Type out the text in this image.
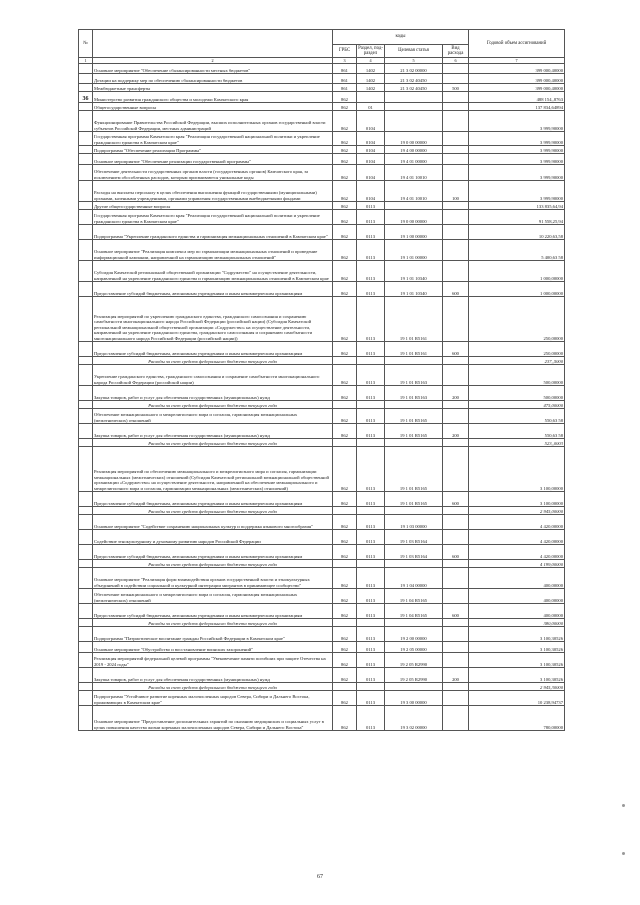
№		коды				Годовой объем ассигнований
		ГРБС	Раздел, под-раздел	Целевая статья	Вид расхода	
1	2	3	4	5	6	7
	Основное мероприятие "Обеспечение сбалансированности местных бюджетов"	861	1402	21 3 02 00000		399 000,40000
	Дотации на поддержку мер по обеспечению сбалансированности бюджетов	861	1402	21 3 02 40450		399 000,40000
	Межбюджетные трансферты	861	1402	21 3 02 40450	500	399 000,40000
36	Министерство развития гражданского общества и молодежи Камчатского края	862				488 154,,8763
	Общегосударственные вопросы	862	01			137 834,64894
	Функционирование Правительства Российской Федерации, высших исполнительных органов государственной власти субъектов Российской Федерации, местных администраций	862	0104			3 999,90000
	Государственная программа Камчатского края "Реализация государственной национальной политики и укрепление гражданского единства в Камчатском крае"	862	0104	19 0 00 00000		3 999,90000
	Подпрограмма "Обеспечение реализации Программы"	862	0104	19 4 00 00000		3 999,90000
	Основное мероприятие "Обеспечение реализации государственной программы"	862	0104	19 4 01 00000		3 999,90000
	Обеспечение деятельности государственных органов власти (государственных органов) Камчатского края, за исключением обособленных расходов, которым присваиваются уникальные коды	862	0104	19 4 01 10010		3 999,90000
	Расходы на выплаты персоналу в целях обеспечения выполнения функций государственными (муниципальными) органами, казенными учреждениями, органами управления государственными внебюджетными фондами	862	0104	19 4 01 10010	100	3 999,90000
	Другие общегосударственные вопросы	862	0113			133 835,64,94
	Государственная программа Камчатского края "Реализация государственной национальной политики и укрепление гражданского единства в Камчатском крае"	862	0113	19 0 00 00000		91 558,25,94
	Подпрограмма "Укрепление гражданского единства и гармонизация межнациональных отношений в Камчатском крае"	862	0113	19 1 00 00000		10 220,63,58
	Основное мероприятие "Реализация комплекса мер по гармонизации межнациональных отношений и проведение информационной кампании, направленной на гармонизацию межнациональных отношений"	862	0113	19 1 01 00000		5 400,63 58
	Субсидия Камчатской региональной общественной организации "Содружество" на осуществление деятельности, направленной на укрепление гражданского единства и гармонизацию межнациональных отношений в Камчатском крае	862	0113	19 1 01 10340		1 000,00000
	Предоставление субсидий бюджетным, автономным учреждениям и иным некоммерческим организациям	862	0113	19 1 01 10340	600	1 000,00000
	Реализация мероприятий по укреплению гражданского единства, гражданского самосознания и сохранению самобытности многонационального народа Российской Федерации (российской нации) (Субсидия Камчатской региональной межнациональной общественной организации «Содружество» на осуществление деятельности, направленной на укрепление гражданского единства, гражданского самосознания и сохранению самобытности многонационального народа Российской Федерации (российской нации))	862	0113	19 1 01 R5161		250,00000
	Предоставление субсидий бюджетным, автономным учреждениям и иным некоммерческим организациям	862	0113	19 1 01 R5161	600	250,00000
	Расходы за счет средств федерального бюджета текущего года					237,,5000
	Укрепление гражданского единства, гражданского самосознания и сохранение самобытности многонационального народа Российской Федерации (российской нации)	862	0113	19 1 01 R5163		500,00000
	Закупка товаров, работ и услуг для обеспечения государственных (муниципальных) нужд	862	0113	19 1 01 R5163	200	500,00000
	Расходы за счет средств федерального бюджета текущего года					475,00000
	Обеспечение межнационального и межрелигиозного мира и согласия, гармонизация межнациональных (межэтнических) отношений	862	0113	19 1 01 R5165		550,63 58
	Закупка товаров, работ и услуг для обеспечения государственных (муниципальных) нужд	862	0113	19 1 01 R5165	200	550,63 58
	Расходы за счет средств федерального бюджета текущего года					523,,0003
	Реализация мероприятий по обеспечению межнационального и межрелигиозного мира и согласия, гармонизации межнациональных (межэтнических) отношений (Субсидия Камчатской региональной межнациональной общественной организации «Содружество» на осуществление деятельности, направленной на обеспечение межнационального и межрелигиозного мира и согласия, гармонизации межнациональных (межэтнических) отношений)	862	0113	19 1 01 R5165		3 100,00000
	Предоставление субсидий бюджетным, автономным учреждениям и иным некоммерческим организациям	862	0113	19 1 01 R5165	600	3 100,00000
	Расходы за счет средств федерального бюджета текущего года					2 945,00000
	Основное мероприятие "Содействие сохранению национальных культур и поддержка языкового многообразия"	862	0113	19 1 03 00000		4 420,00000
	Содействие этнокультурному и духовному развитию народов Российской Федерации	862	0113	19 1 03 R5164		4 420,00000
	Предоставление субсидий бюджетным, автономным учреждениям и иным некоммерческим организациям	862	0113	19 1 03 R5164	600	4 420,00000
	Расходы за счет средств федерального бюджета текущего года					4 199,00000
	Основное мероприятие "Реализация форм взаимодействия органов государственной власти и этнокультурных объединений в содействии социальной и культурной интеграции мигрантов в принимающее сообщество"	862	0113	19 1 04 00000		400,00000
	Обеспечение межнационального и межрелигиозного мира и согласия, гармонизация межнациональных (межэтнических) отношений	862	0113	19 1 04 R5165		400,00000
	Предоставление субсидий бюджетным, автономным учреждениям и иным некоммерческим организациям	862	0113	19 1 04 R5165	600	400,00000
	Расходы за счет средств федерального бюджета текущего года					380,00000
	Подпрограмма "Патриотическое воспитание граждан Российской Федерации в Камчатском крае"	862	0113	19 2 00 00000		3 100,30526
	Основное мероприятие "Обустройство и восстановление воинских захоронений"	862	0113	19 2 05 00000		3 100,30526
	Реализация мероприятий федеральной целевой программы "Увековечение памяти погибших при защите Отечества на 2019 - 2024 годы"	862	0113	19 2 05 R2990		3 100,30526
	Закупка товаров, работ и услуг для обеспечения государственных (муниципальных) нужд	862	0113	19 2 05 R2990	200	3 100,30526
	Расходы за счет средств федерального бюджета текущего года					2 945,30000
	Подпрограмма "Устойчивое развитие коренных малочисленных народов Севера, Сибири и Дальнего Востока, проживающих в Камчатском крае"	862	0113	19 3 00 00000		10 238,94737
	Основное мероприятие "Предоставление дополнительных гарантий по оказанию медицинских и социальных услуг в целях повышения качества жизни коренных малочисленных народов Севера, Сибири и Дальнего Востока"	862	0113	19 3 02 00000		780,00000
67
